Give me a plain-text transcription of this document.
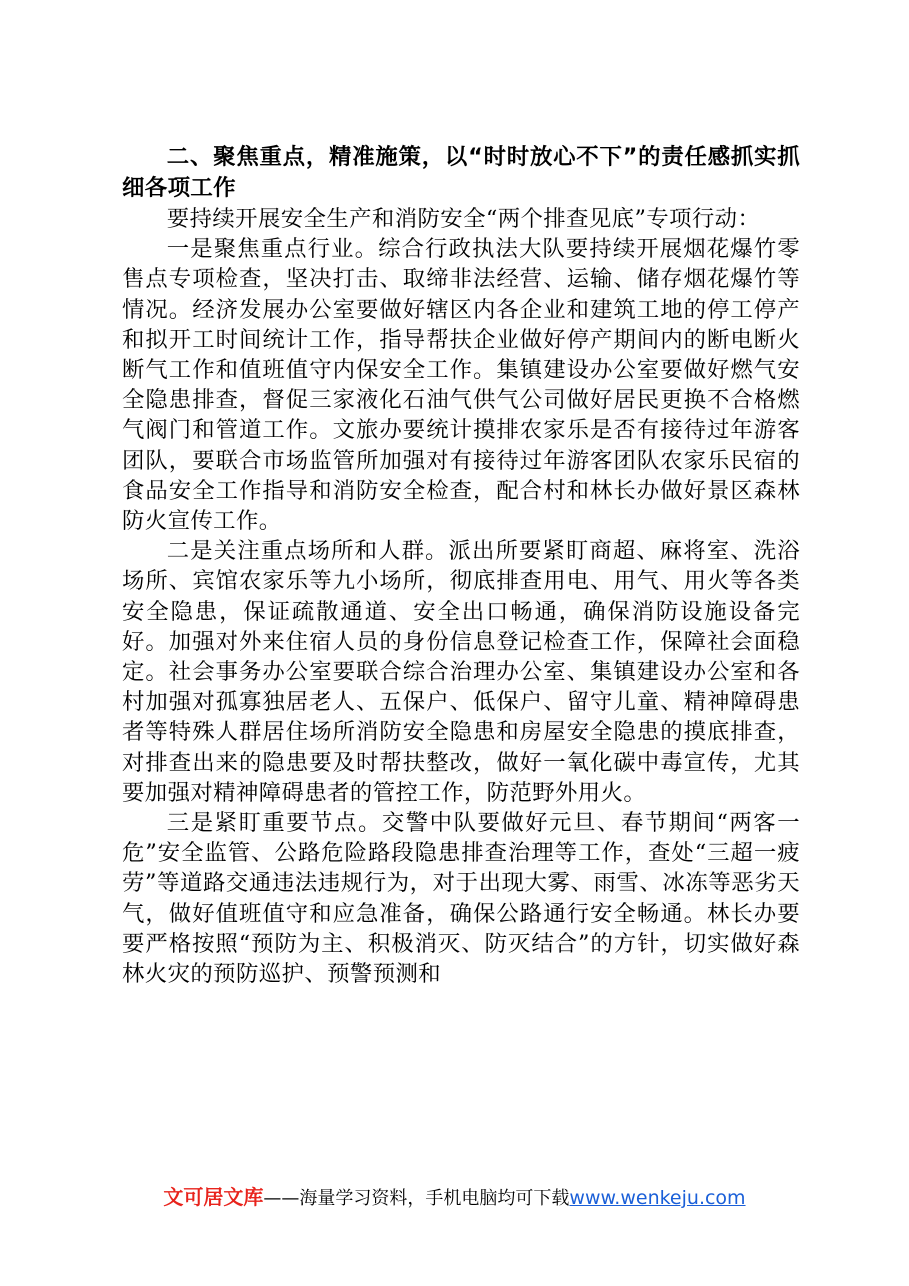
二、聚焦重点，精准施策，以“时时放心不下”的责任感抓实抓细各项工作

要持续开展安全生产和消防安全“两个排查见底”专项行动：

一是聚焦重点行业。综合行政执法大队要持续开展烟花爆竹零售点专项检查，坚决打击、取缔非法经营、运输、储存烟花爆竹等情况。经济发展办公室要做好辖区内各企业和建筑工地的停工停产和拟开工时间统计工作，指导帮扶企业做好停产期间内的断电断火断气工作和值班值守内保安全工作。集镇建设办公室要做好燃气安全隐患排查，督促三家液化石油气供气公司做好居民更换不合格燃气阀门和管道工作。文旅办要统计摸排农家乐是否有接待过年游客团队，要联合市场监管所加强对有接待过年游客团队农家乐民宿的食品安全工作指导和消防安全检查，配合村和林长办做好景区森林防火宣传工作。

二是关注重点场所和人群。派出所要紧盯商超、麻将室、洗浴场所、宾馆农家乐等九小场所，彻底排查用电、用气、用火等各类安全隐患，保证疏散通道、安全出口畅通，确保消防设施设备完好。加强对外来住宿人员的身份信息登记检查工作，保障社会面稳定。社会事务办公室要联合综合治理办公室、集镇建设办公室和各村加强对孤寡独居老人、五保户、低保户、留守儿童、精神障碍患者等特殊人群居住场所消防安全隐患和房屋安全隐患的摸底排查，对排查出来的隐患要及时帮扶整改，做好一氧化碳中毒宣传，尤其要加强对精神障碍患者的管控工作，防范野外用火。

三是紧盯重要节点。交警中队要做好元旦、春节期间“两客一危”安全监管、公路危险路段隐患排查治理等工作，查处“三超一疲劳”等道路交通违法违规行为，对于出现大雾、雨雪、冰冻等恶劣天气，做好值班值守和应急准备，确保公路通行安全畅通。林长办要要严格按照“预防为主、积极消灭、防灭结合”的方针，切实做好森林火灾的预防巡护、预警预测和

文可居文库——海量学习资料，手机电脑均可下载www.wenkeju.com
